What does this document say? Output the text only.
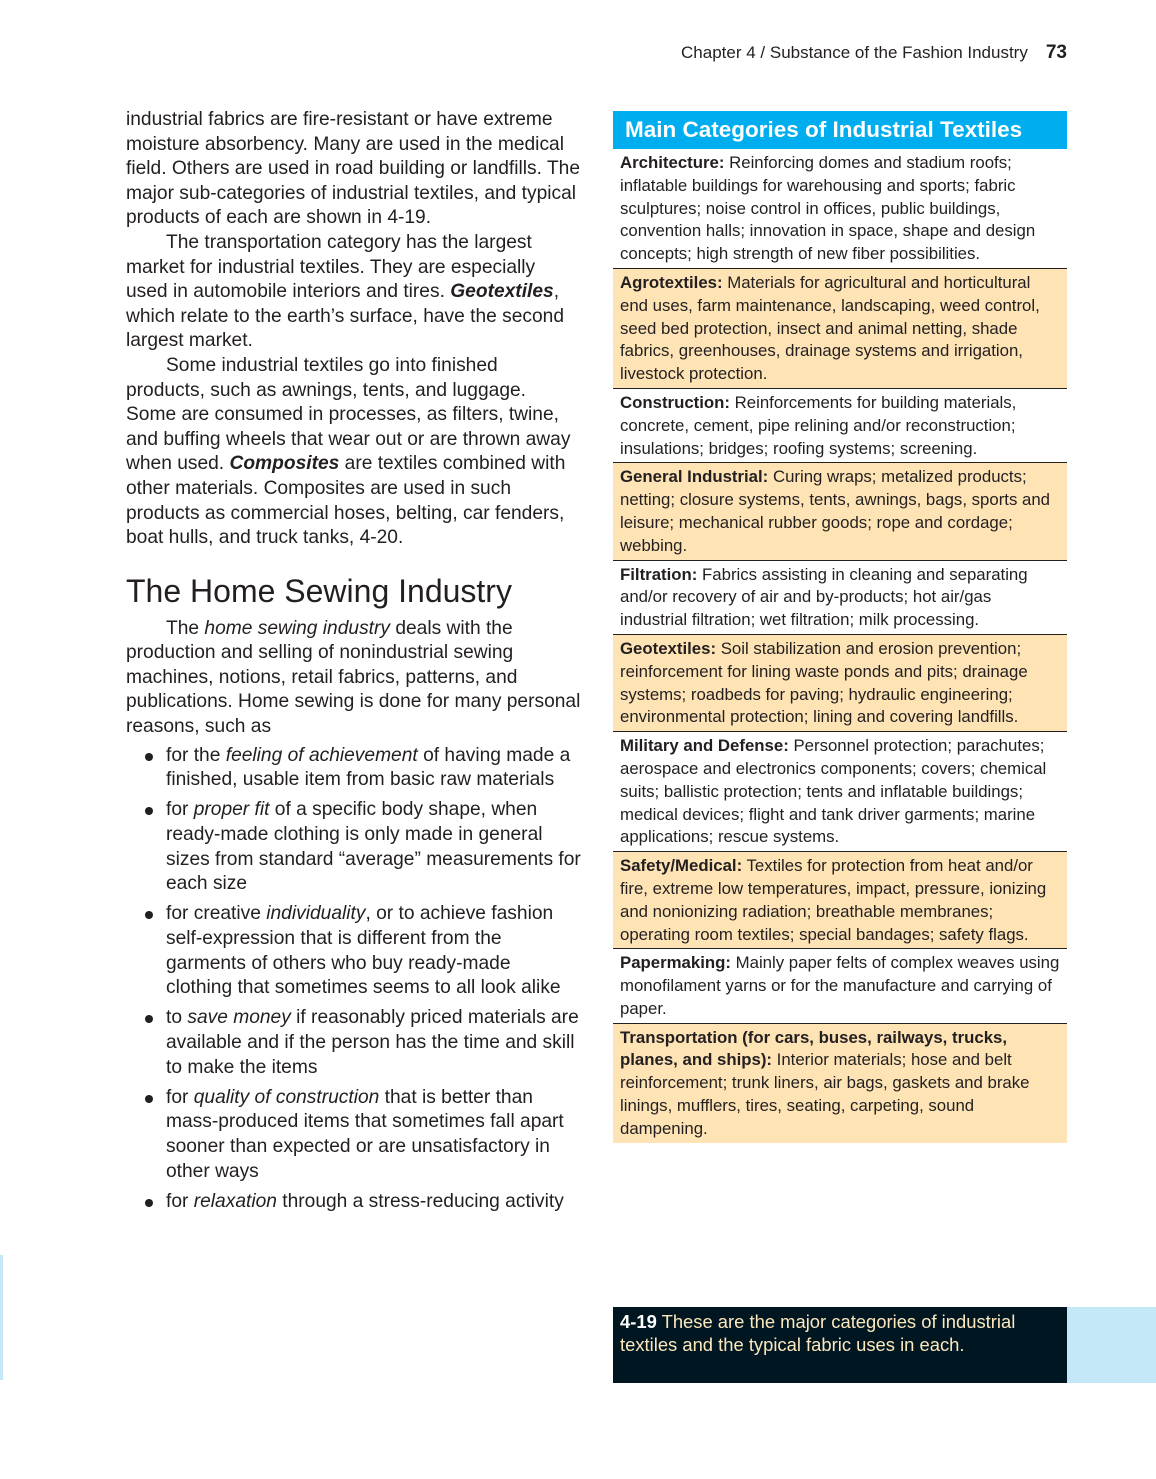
Chapter 4 / Substance of the Fashion Industry 73

industrial fabrics are fire-resistant or have extreme moisture absorbency. Many are used in the medical field. Others are used in road building or landfills. The major sub-categories of industrial textiles, and typical products of each are shown in 4-19.

The transportation category has the largest market for industrial textiles. They are especially used in automobile interiors and tires. Geotextiles, which relate to the earth’s surface, have the second largest market.

Some industrial textiles go into finished products, such as awnings, tents, and luggage. Some are consumed in processes, as filters, twine, and buffing wheels that wear out or are thrown away when used. Composites are textiles combined with other materials. Composites are used in such products as commercial hoses, belting, car fenders, boat hulls, and truck tanks, 4-20.

The Home Sewing Industry

The home sewing industry deals with the production and selling of nonindustrial sewing machines, notions, retail fabrics, patterns, and publications. Home sewing is done for many personal reasons, such as

for the feeling of achievement of having made a finished, usable item from basic raw materials
for proper fit of a specific body shape, when ready-made clothing is only made in general sizes from standard “average” measurements for each size
for creative individuality, or to achieve fashion self-expression that is different from the garments of others who buy ready-made clothing that sometimes seems to all look alike
to save money if reasonably priced materials are available and if the person has the time and skill to make the items
for quality of construction that is better than mass-produced items that sometimes fall apart sooner than expected or are unsatisfactory in other ways
for relaxation through a stress-reducing activity
Main Categories of Industrial Textiles
Architecture: Reinforcing domes and stadium roofs; inflatable buildings for warehousing and sports; fabric sculptures; noise control in offices, public buildings, convention halls; innovation in space, shape and design concepts; high strength of new fiber possibilities.
Agrotextiles: Materials for agricultural and horticultural end uses, farm maintenance, landscaping, weed control, seed bed protection, insect and animal netting, shade fabrics, greenhouses, drainage systems and irrigation, livestock protection.
Construction: Reinforcements for building materials, concrete, cement, pipe relining and/or reconstruction; insulations; bridges; roofing systems; screening.
General Industrial: Curing wraps; metalized products; netting; closure systems, tents, awnings, bags, sports and leisure; mechanical rubber goods; rope and cordage; webbing.
Filtration: Fabrics assisting in cleaning and separating and/or recovery of air and by-products; hot air/gas industrial filtration; wet filtration; milk processing.
Geotextiles: Soil stabilization and erosion prevention; reinforcement for lining waste ponds and pits; drainage systems; roadbeds for paving; hydraulic engineering; environmental protection; lining and covering landfills.
Military and Defense: Personnel protection; parachutes; aerospace and electronics components; covers; chemical suits; ballistic protection; tents and inflatable buildings; medical devices; flight and tank driver garments; marine applications; rescue systems.
Safety/Medical: Textiles for protection from heat and/or fire, extreme low temperatures, impact, pressure, ionizing and nonionizing radiation; breathable membranes; operating room textiles; special bandages; safety flags.
Papermaking: Mainly paper felts of complex weaves using monofilament yarns or for the manufacture and carrying of paper.
Transportation (for cars, buses, railways, trucks, planes, and ships): Interior materials; hose and belt reinforcement; trunk liners, air bags, gaskets and brake linings, mufflers, tires, seating, carpeting, sound dampening.
4-19 These are the major categories of industrial textiles and the typical fabric uses in each.
